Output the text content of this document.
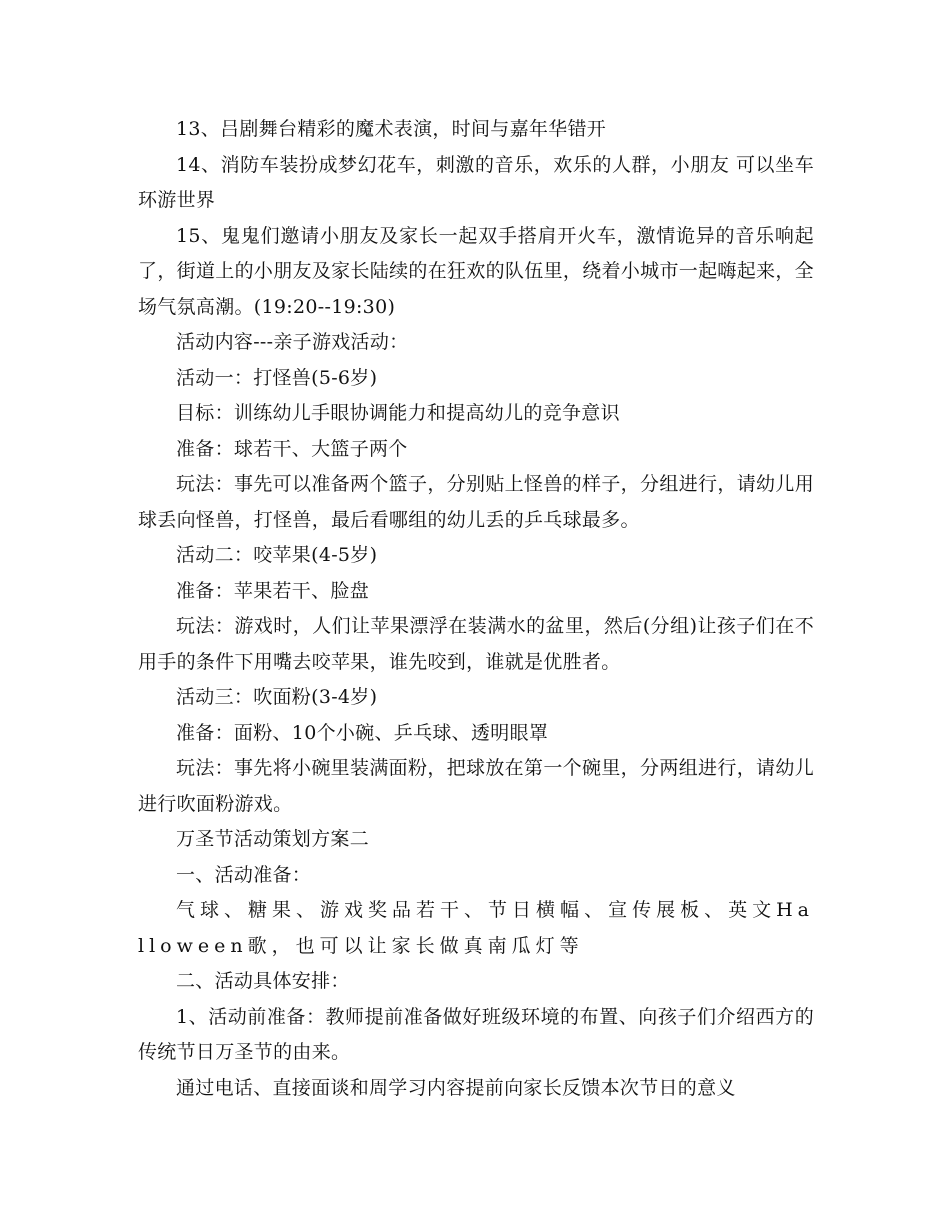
13、吕剧舞台精彩的魔术表演，时间与嘉年华错开

14、消防车装扮成梦幻花车，刺激的音乐，欢乐的人群，小朋友 可以坐车环游世界

15、鬼鬼们邀请小朋友及家长一起双手搭肩开火车，激情诡异的音乐响起了，街道上的小朋友及家长陆续的在狂欢的队伍里，绕着小城市一起嗨起来，全场气氛高潮。(19:20--19:30)

活动内容---亲子游戏活动：

活动一：打怪兽(5-6岁)

目标：训练幼儿手眼协调能力和提高幼儿的竞争意识

准备：球若干、大篮子两个

玩法：事先可以准备两个篮子，分别贴上怪兽的样子，分组进行，请幼儿用球丢向怪兽，打怪兽，最后看哪组的幼儿丢的乒乓球最多。

活动二：咬苹果(4-5岁)

准备：苹果若干、脸盘

玩法：游戏时，人们让苹果漂浮在装满水的盆里，然后(分组)让孩子们在不用手的条件下用嘴去咬苹果，谁先咬到，谁就是优胜者。

活动三：吹面粉(3-4岁)

准备：面粉、10个小碗、乒乓球、透明眼罩

玩法：事先将小碗里装满面粉，把球放在第一个碗里，分两组进行，请幼儿进行吹面粉游戏。

万圣节活动策划方案二

一、活动准备：

气球、糖果、游戏奖品若干、节日横幅、宣传展板、英文Halloween歌，也可以让家长做真南瓜灯等

二、活动具体安排：

1、活动前准备：教师提前准备做好班级环境的布置、向孩子们介绍西方的传统节日万圣节的由来。

通过电话、直接面谈和周学习内容提前向家长反馈本次节日的意义
